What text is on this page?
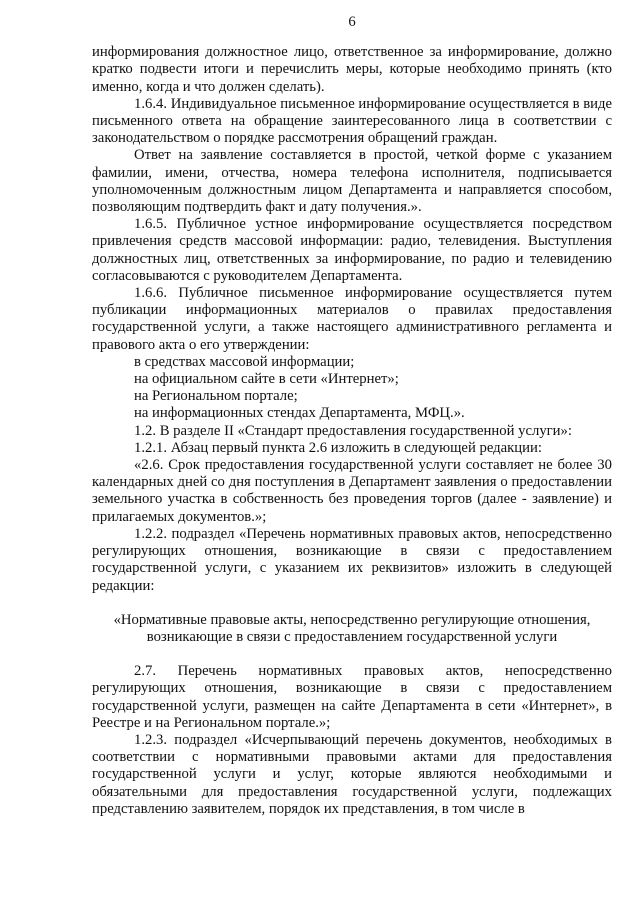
6

информирования должностное лицо, ответственное за информирование, должно кратко подвести итоги и перечислить меры, которые необходимо принять (кто именно, когда и что должен сделать).

1.6.4. Индивидуальное письменное информирование осуществляется в виде письменного ответа на обращение заинтересованного лица в соответствии с законодательством о порядке рассмотрения обращений граждан.

Ответ на заявление составляется в простой, четкой форме с указанием фамилии, имени, отчества, номера телефона исполнителя, подписывается уполномоченным должностным лицом Департамента и направляется способом, позволяющим подтвердить факт и дату получения.».

1.6.5. Публичное устное информирование осуществляется посредством привлечения средств массовой информации: радио, телевидения. Выступления должностных лиц, ответственных за информирование, по радио и телевидению согласовываются с руководителем Департамента.

1.6.6. Публичное письменное информирование осуществляется путем публикации информационных материалов о правилах предоставления государственной услуги, а также настоящего административного регламента и правового акта о его утверждении:

в средствах массовой информации;

на официальном сайте в сети «Интернет»;

на Региональном портале;

на информационных стендах Департамента, МФЦ.».

1.2. В разделе II «Стандарт предоставления государственной услуги»:

1.2.1. Абзац первый пункта 2.6 изложить в следующей редакции:

«2.6. Срок предоставления государственной услуги составляет не более 30 календарных дней со дня поступления в Департамент заявления о предоставлении земельного участка в собственность без проведения торгов (далее - заявление) и прилагаемых документов.»;

1.2.2. подраздел «Перечень нормативных правовых актов, непосредственно регулирующих отношения, возникающие в связи с предоставлением государственной услуги, с указанием их реквизитов» изложить в следующей редакции:

«Нормативные правовые акты, непосредственно регулирующие отношения, возникающие в связи с предоставлением государственной услуги

2.7. Перечень нормативных правовых актов, непосредственно регулирующих отношения, возникающие в связи с предоставлением государственной услуги, размещен на сайте Департамента в сети «Интернет», в Реестре и на Региональном портале.»;

1.2.3. подраздел «Исчерпывающий перечень документов, необходимых в соответствии с нормативными правовыми актами для предоставления государственной услуги и услуг, которые являются необходимыми и обязательными для предоставления государственной услуги, подлежащих представлению заявителем, порядок их представления, в том числе в
